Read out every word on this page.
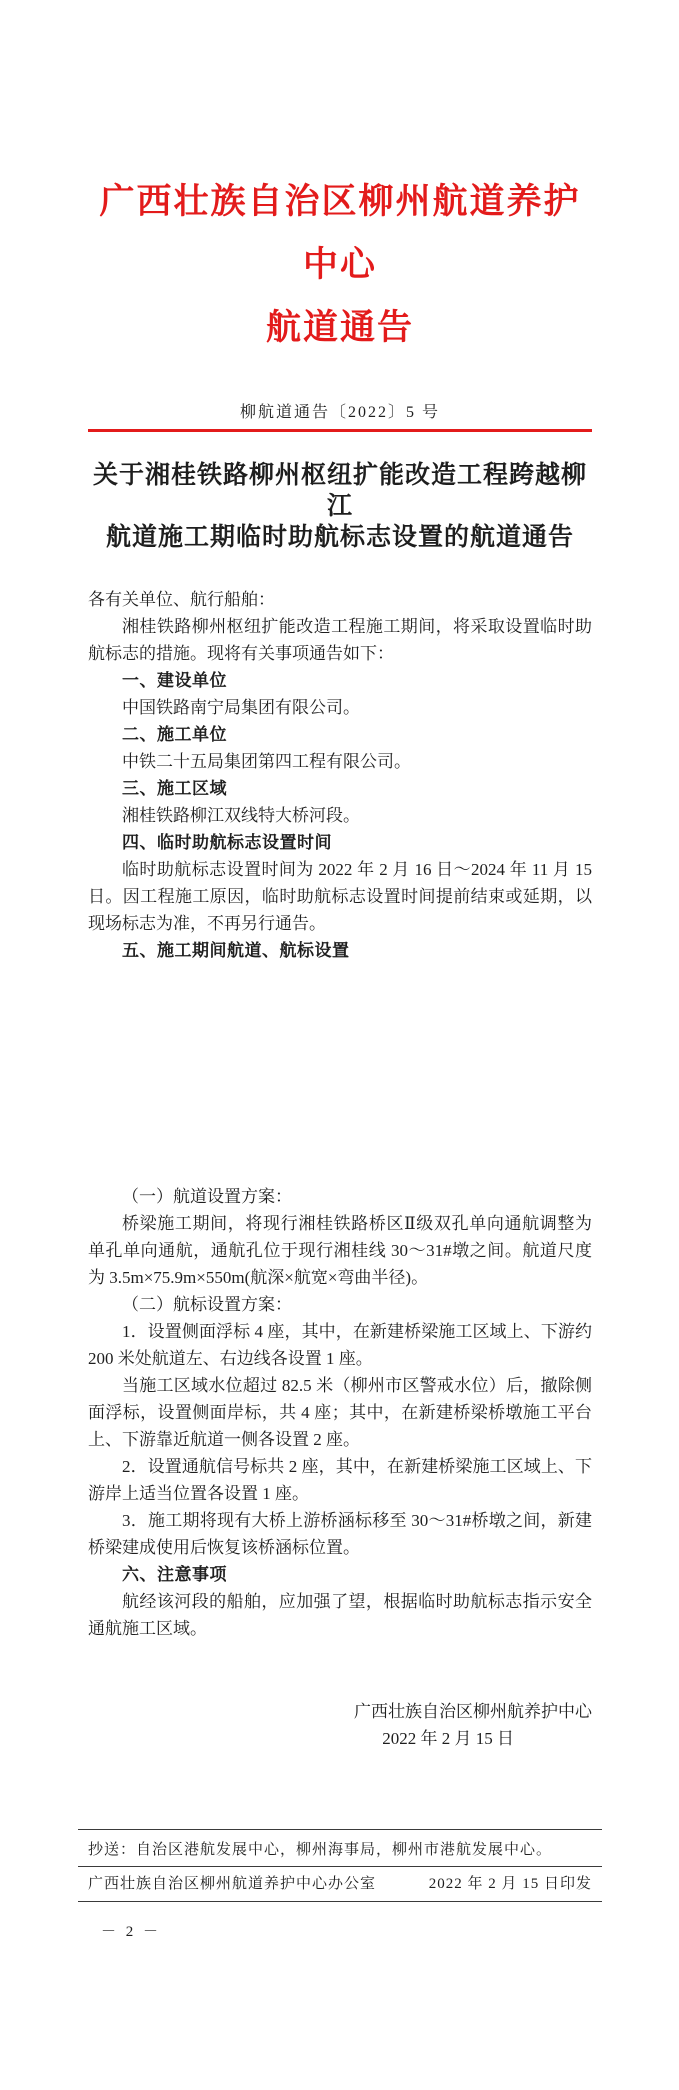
广西壮族自治区柳州航道养护中心
航道通告
柳航道通告〔2022〕5 号
关于湘桂铁路柳州枢纽扩能改造工程跨越柳江
航道施工期临时助航标志设置的航道通告

各有关单位、航行船舶：

湘桂铁路柳州枢纽扩能改造工程施工期间，将采取设置临时助航标志的措施。现将有关事项通告如下：

一、建设单位

中国铁路南宁局集团有限公司。

二、施工单位

中铁二十五局集团第四工程有限公司。

三、施工区域

湘桂铁路柳江双线特大桥河段。

四、临时助航标志设置时间

临时助航标志设置时间为 2022 年 2 月 16 日～2024 年 11 月 15 日。因工程施工原因，临时助航标志设置时间提前结束或延期，以现场标志为准，不再另行通告。

五、施工期间航道、航标设置

（一）航道设置方案：

桥梁施工期间，将现行湘桂铁路桥区Ⅱ级双孔单向通航调整为单孔单向通航，通航孔位于现行湘桂线 30～31#墩之间。航道尺度为 3.5m×75.9m×550m(航深×航宽×弯曲半径)。

（二）航标设置方案：

1．设置侧面浮标 4 座，其中，在新建桥梁施工区域上、下游约 200 米处航道左、右边线各设置 1 座。

当施工区域水位超过 82.5 米（柳州市区警戒水位）后，撤除侧面浮标，设置侧面岸标，共 4 座；其中，在新建桥梁桥墩施工平台上、下游靠近航道一侧各设置 2 座。

2．设置通航信号标共 2 座，其中，在新建桥梁施工区域上、下游岸上适当位置各设置 1 座。

3．施工期将现有大桥上游桥涵标移至 30～31#桥墩之间，新建桥梁建成使用后恢复该桥涵标位置。

六、注意事项

航经该河段的船舶，应加强了望，根据临时助航标志指示安全通航施工区域。

广西壮族自治区柳州航养护中心
2022 年 2 月 15 日
抄送：自治区港航发展中心，柳州海事局，柳州市港航发展中心。
广西壮族自治区柳州航道养护中心办公室	2022 年 2 月 15 日印发
－ 2 －
